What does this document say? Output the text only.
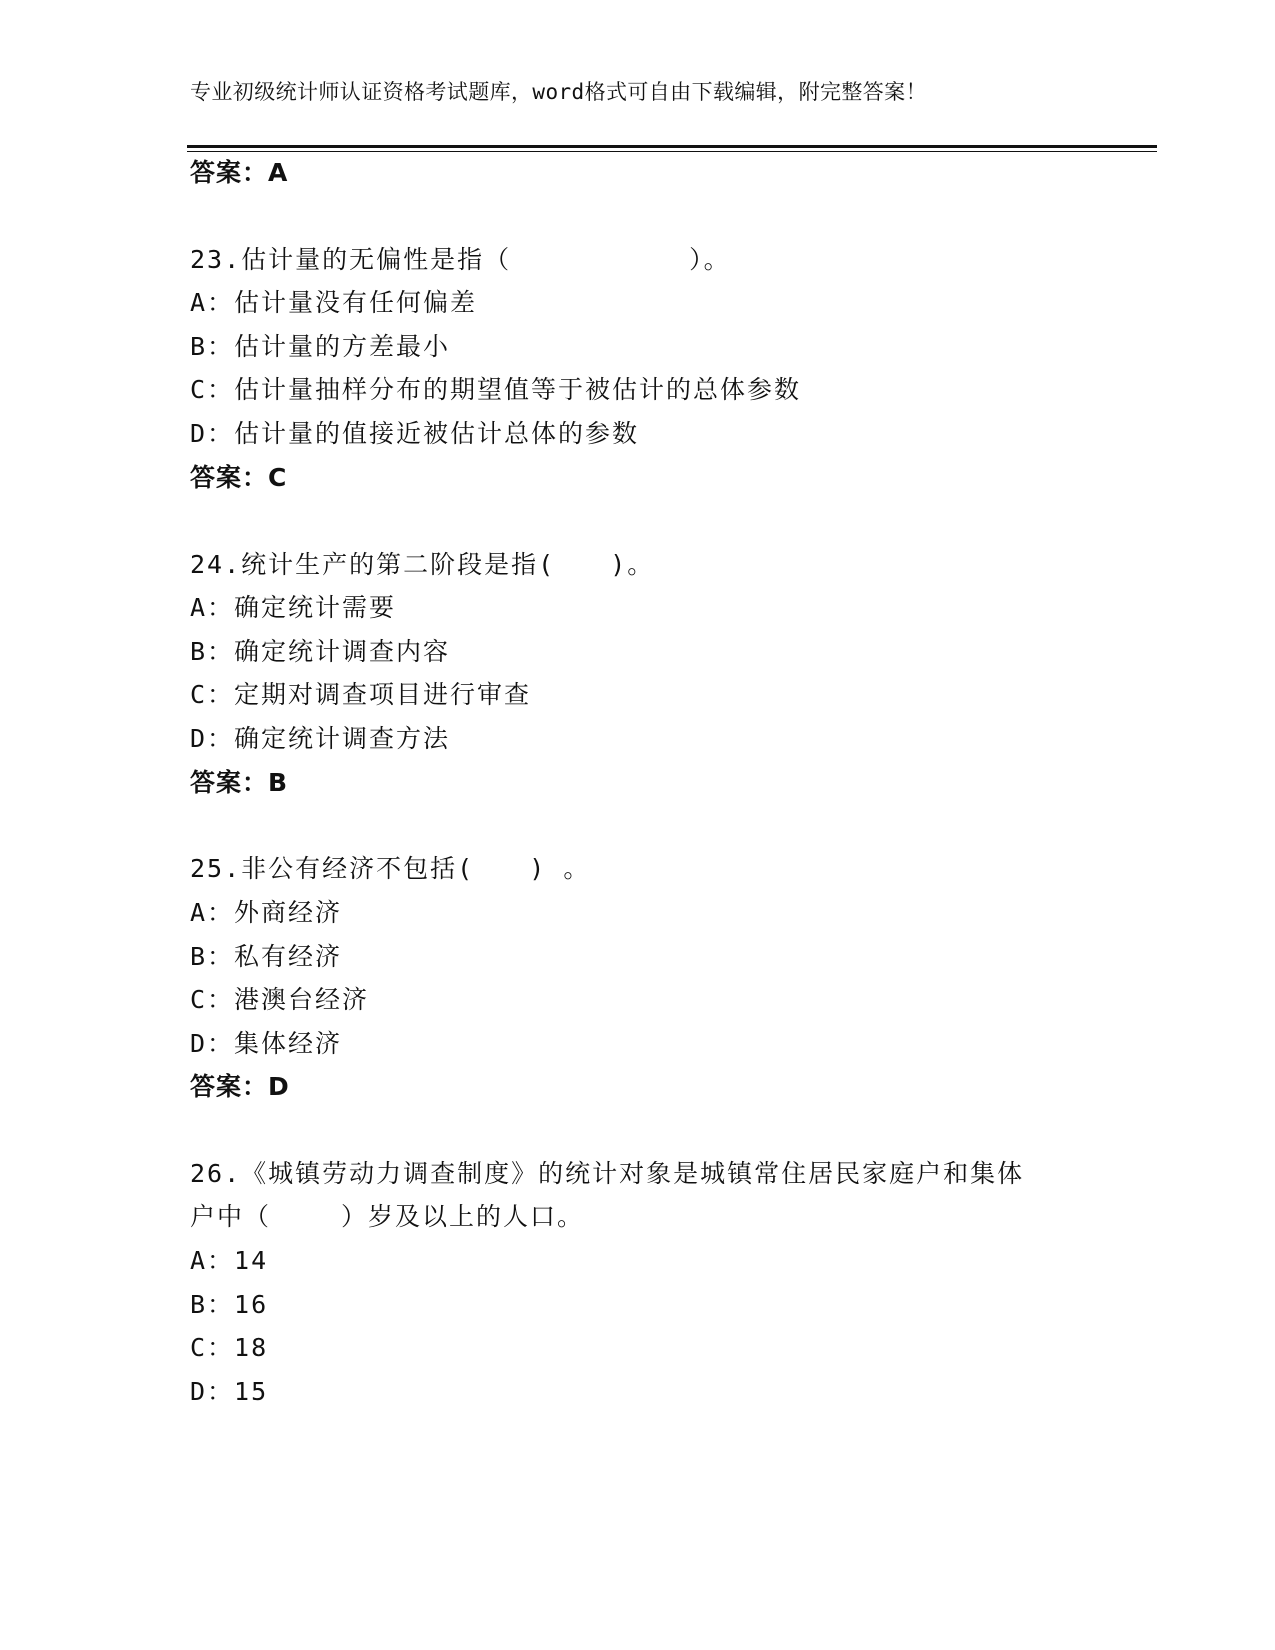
专业初级统计师认证资格考试题库，word格式可自由下载编辑，附完整答案！
答案：A
23.估计量的无偏性是指（	）。
A：估计量没有任何偏差
B：估计量的方差最小
C：估计量抽样分布的期望值等于被估计的总体参数
D：估计量的值接近被估计总体的参数
答案：C
24.统计生产的第二阶段是指( )。
A：确定统计需要
B：确定统计调查内容
C：定期对调查项目进行审查
D：确定统计调查方法
答案：B
25.非公有经济不包括( ) 。
A：外商经济
B：私有经济
C：港澳台经济
D：集体经济
答案：D
26.《城镇劳动力调查制度》的统计对象是城镇常住居民家庭户和集体
户中（	）岁及以上的人口。
A：14
B：16
C：18
D：15
